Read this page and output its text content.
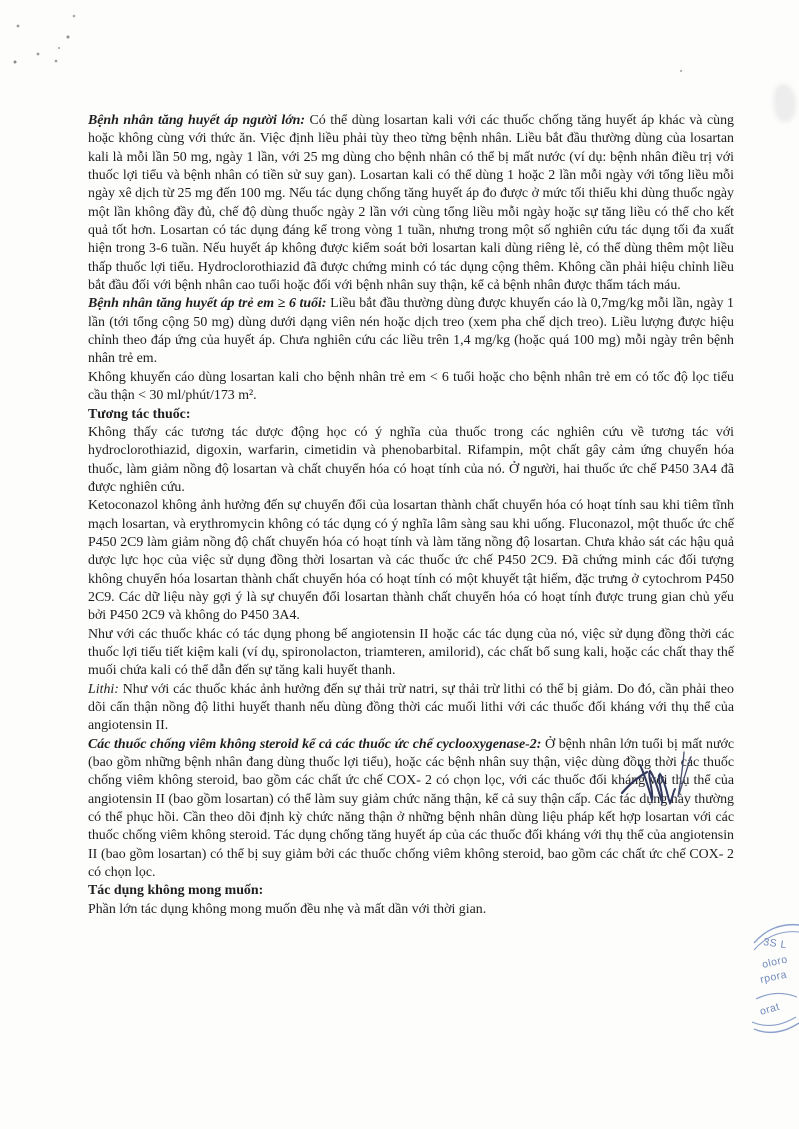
Bệnh nhân tăng huyết áp người lớn: Có thể dùng losartan kali với các thuốc chống tăng huyết áp khác và cùng hoặc không cùng với thức ăn. Việc định liều phải tùy theo từng bệnh nhân. Liều bắt đầu thường dùng của losartan kali là mỗi lần 50 mg, ngày 1 lần, với 25 mg dùng cho bệnh nhân có thể bị mất nước (ví dụ: bệnh nhân điều trị với thuốc lợi tiểu và bệnh nhân có tiền sử suy gan). Losartan kali có thể dùng 1 hoặc 2 lần mỗi ngày với tổng liều mỗi ngày xê dịch từ 25 mg đến 100 mg. Nếu tác dụng chống tăng huyết áp đo được ở mức tối thiểu khi dùng thuốc ngày một lần không đầy đủ, chế độ dùng thuốc ngày 2 lần với cùng tổng liều mỗi ngày hoặc sự tăng liều có thể cho kết quả tốt hơn. Losartan có tác dụng đáng kể trong vòng 1 tuần, nhưng trong một số nghiên cứu tác dụng tối đa xuất hiện trong 3-6 tuần. Nếu huyết áp không được kiểm soát bởi losartan kali dùng riêng lẻ, có thể dùng thêm một liều thấp thuốc lợi tiểu. Hydroclorothiazid đã được chứng minh có tác dụng cộng thêm. Không cần phải hiệu chỉnh liều bắt đầu đối với bệnh nhân cao tuổi hoặc đối với bệnh nhân suy thận, kể cả bệnh nhân được thẩm tách máu.

Bệnh nhân tăng huyết áp trẻ em ≥ 6 tuổi: Liều bắt đầu thường dùng được khuyến cáo là 0,7mg/kg mỗi lần, ngày 1 lần (tới tổng cộng 50 mg) dùng dưới dạng viên nén hoặc dịch treo (xem pha chế dịch treo). Liều lượng được hiệu chỉnh theo đáp ứng của huyết áp. Chưa nghiên cứu các liều trên 1,4 mg/kg (hoặc quá 100 mg) mỗi ngày trên bệnh nhân trẻ em.

Không khuyến cáo dùng losartan kali cho bệnh nhân trẻ em < 6 tuổi hoặc cho bệnh nhân trẻ em có tốc độ lọc tiểu cầu thận < 30 ml/phút/173 m².

Tương tác thuốc:

Không thấy các tương tác dược động học có ý nghĩa của thuốc trong các nghiên cứu về tương tác với hydroclorothiazid, digoxin, warfarin, cimetidin và phenobarbital. Rifampin, một chất gây cảm ứng chuyển hóa thuốc, làm giảm nồng độ losartan và chất chuyển hóa có hoạt tính của nó. Ở người, hai thuốc ức chế P450 3A4 đã được nghiên cứu.

Ketoconazol không ảnh hưởng đến sự chuyển đổi của losartan thành chất chuyển hóa có hoạt tính sau khi tiêm tĩnh mạch losartan, và erythromycin không có tác dụng có ý nghĩa lâm sàng sau khi uống. Fluconazol, một thuốc ức chế P450 2C9 làm giảm nồng độ chất chuyển hóa có hoạt tính và làm tăng nồng độ losartan. Chưa khảo sát các hậu quả dược lực học của việc sử dụng đồng thời losartan và các thuốc ức chế P450 2C9. Đã chứng minh các đối tượng không chuyển hóa losartan thành chất chuyển hóa có hoạt tính có một khuyết tật hiếm, đặc trưng ở cytochrom P450 2C9. Các dữ liệu này gợi ý là sự chuyển đổi losartan thành chất chuyển hóa có hoạt tính được trung gian chủ yếu bởi P450 2C9 và không do P450 3A4.

Như với các thuốc khác có tác dụng phong bế angiotensin II hoặc các tác dụng của nó, việc sử dụng đồng thời các thuốc lợi tiểu tiết kiệm kali (ví dụ, spironolacton, triamteren, amilorid), các chất bổ sung kali, hoặc các chất thay thế muối chứa kali có thể dẫn đến sự tăng kali huyết thanh.

Lithi: Như với các thuốc khác ảnh hưởng đến sự thải trừ natri, sự thải trừ lithi có thể bị giảm. Do đó, cần phải theo dõi cẩn thận nồng độ lithi huyết thanh nếu dùng đồng thời các muối lithi với các thuốc đối kháng với thụ thể của angiotensin II.

Các thuốc chống viêm không steroid kể cả các thuốc ức chế cyclooxygenase-2: Ở bệnh nhân lớn tuổi bị mất nước (bao gồm những bệnh nhân đang dùng thuốc lợi tiểu), hoặc các bệnh nhân suy thận, việc dùng đồng thời các thuốc chống viêm không steroid, bao gồm các chất ức chế COX- 2 có chọn lọc, với các thuốc đối kháng với thụ thể của angiotensin II (bao gồm losartan) có thể làm suy giảm chức năng thận, kể cả suy thận cấp. Các tác dụng này thường có thể phục hồi. Cần theo dõi định kỳ chức năng thận ở những bệnh nhân dùng liệu pháp kết hợp losartan với các thuốc chống viêm không steroid. Tác dụng chống tăng huyết áp của các thuốc đối kháng với thụ thể của angiotensin II (bao gồm losartan) có thể bị suy giảm bởi các thuốc chống viêm không steroid, bao gồm các chất ức chế COX- 2 có chọn lọc.

Tác dụng không mong muốn:

Phần lớn tác dụng không mong muốn đều nhẹ và mất dần với thời gian.

3S L
oloro
rpora
orat
